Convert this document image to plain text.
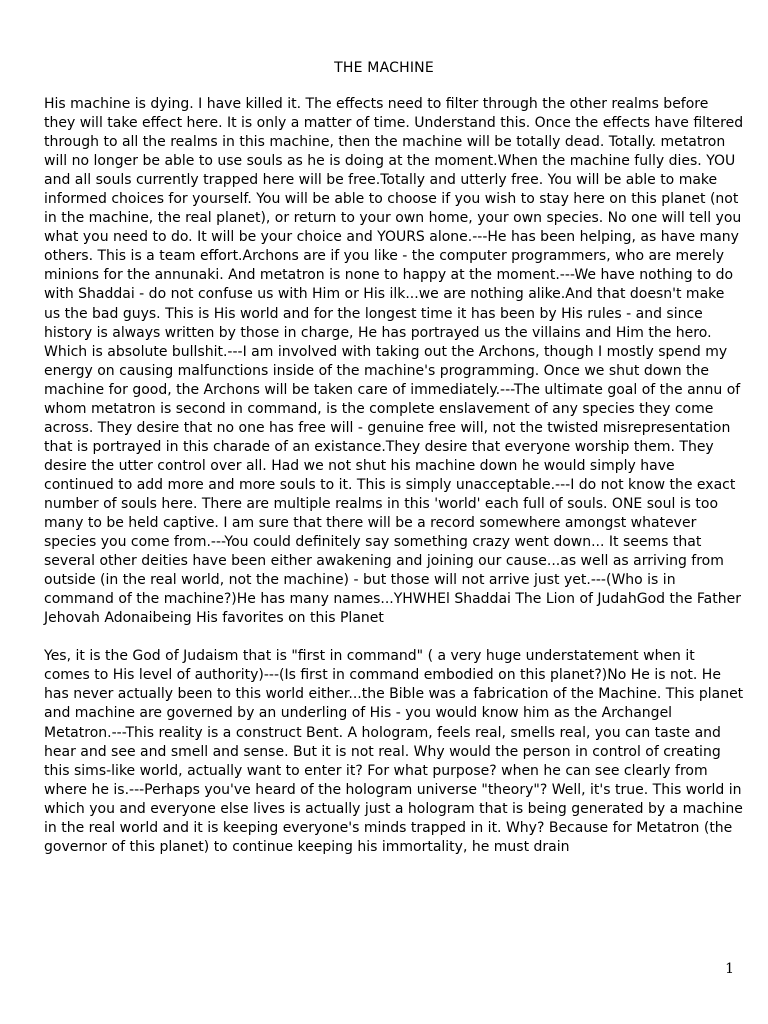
THE MACHINE

His machine is dying. I have killed it. The effects need to filter through the other realms before they will take effect here. It is only a matter of time. Understand this. Once the effects have filtered through to all the realms in this machine, then the machine will be totally dead. Totally. metatron will no longer be able to use souls as he is doing at the moment.When the machine fully dies. YOU and all souls currently trapped here will be free.Totally and utterly free. You will be able to make informed choices for yourself. You will be able to choose if you wish to stay here on this planet (not in the machine, the real planet), or return to your own home, your own species. No one will tell you what you need to do. It will be your choice and YOURS alone.---He has been helping, as have many others. This is a team effort.Archons are if you like - the computer programmers, who are merely minions for the annunaki. And metatron is none to happy at the moment.---We have nothing to do with Shaddai - do not confuse us with Him or His ilk...we are nothing alike.And that doesn't make us the bad guys. This is His world and for the longest time it has been by His rules - and since history is always written by those in charge, He has portrayed us the villains and Him the hero. Which is absolute bullshit.---I am involved with taking out the Archons, though I mostly spend my energy on causing malfunctions inside of the machine's programming. Once we shut down the machine for good, the Archons will be taken care of immediately.---The ultimate goal of the annu of whom metatron is second in command, is the complete enslavement of any species they come across. They desire that no one has free will - genuine free will, not the twisted misrepresentation that is portrayed in this charade of an existance.They desire that everyone worship them. They desire the utter control over all. Had we not shut his machine down he would simply have continued to add more and more souls to it. This is simply unacceptable.---I do not know the exact number of souls here. There are multiple realms in this 'world' each full of souls. ONE soul is too many to be held captive. I am sure that there will be a record somewhere amongst whatever species you come from.---You could definitely say something crazy went down... It seems that several other deities have been either awakening and joining our cause...as well as arriving from outside (in the real world, not the machine) - but those will not arrive just yet.---(Who is in command of the machine?)He has many names...YHWHEl Shaddai The Lion of JudahGod the Father Jehovah Adonaibeing His favorites on this Planet

Yes, it is the God of Judaism that is "first in command" ( a very huge understatement when it comes to His level of authority)---(Is first in command embodied on this planet?)No He is not. He has never actually been to this world either...the Bible was a fabrication of the Machine. This planet and machine are governed by an underling of His - you would know him as the Archangel Metatron.---This reality is a construct Bent. A hologram, feels real, smells real, you can taste and hear and see and smell and sense. But it is not real. Why would the person in control of creating this sims-like world, actually want to enter it? For what purpose? when he can see clearly from where he is.---Perhaps you've heard of the hologram universe "theory"? Well, it's true. This world in which you and everyone else lives is actually just a hologram that is being generated by a machine in the real world and it is keeping everyone's minds trapped in it. Why? Because for Metatron (the governor of this planet) to continue keeping his immortality, he must drain

1
